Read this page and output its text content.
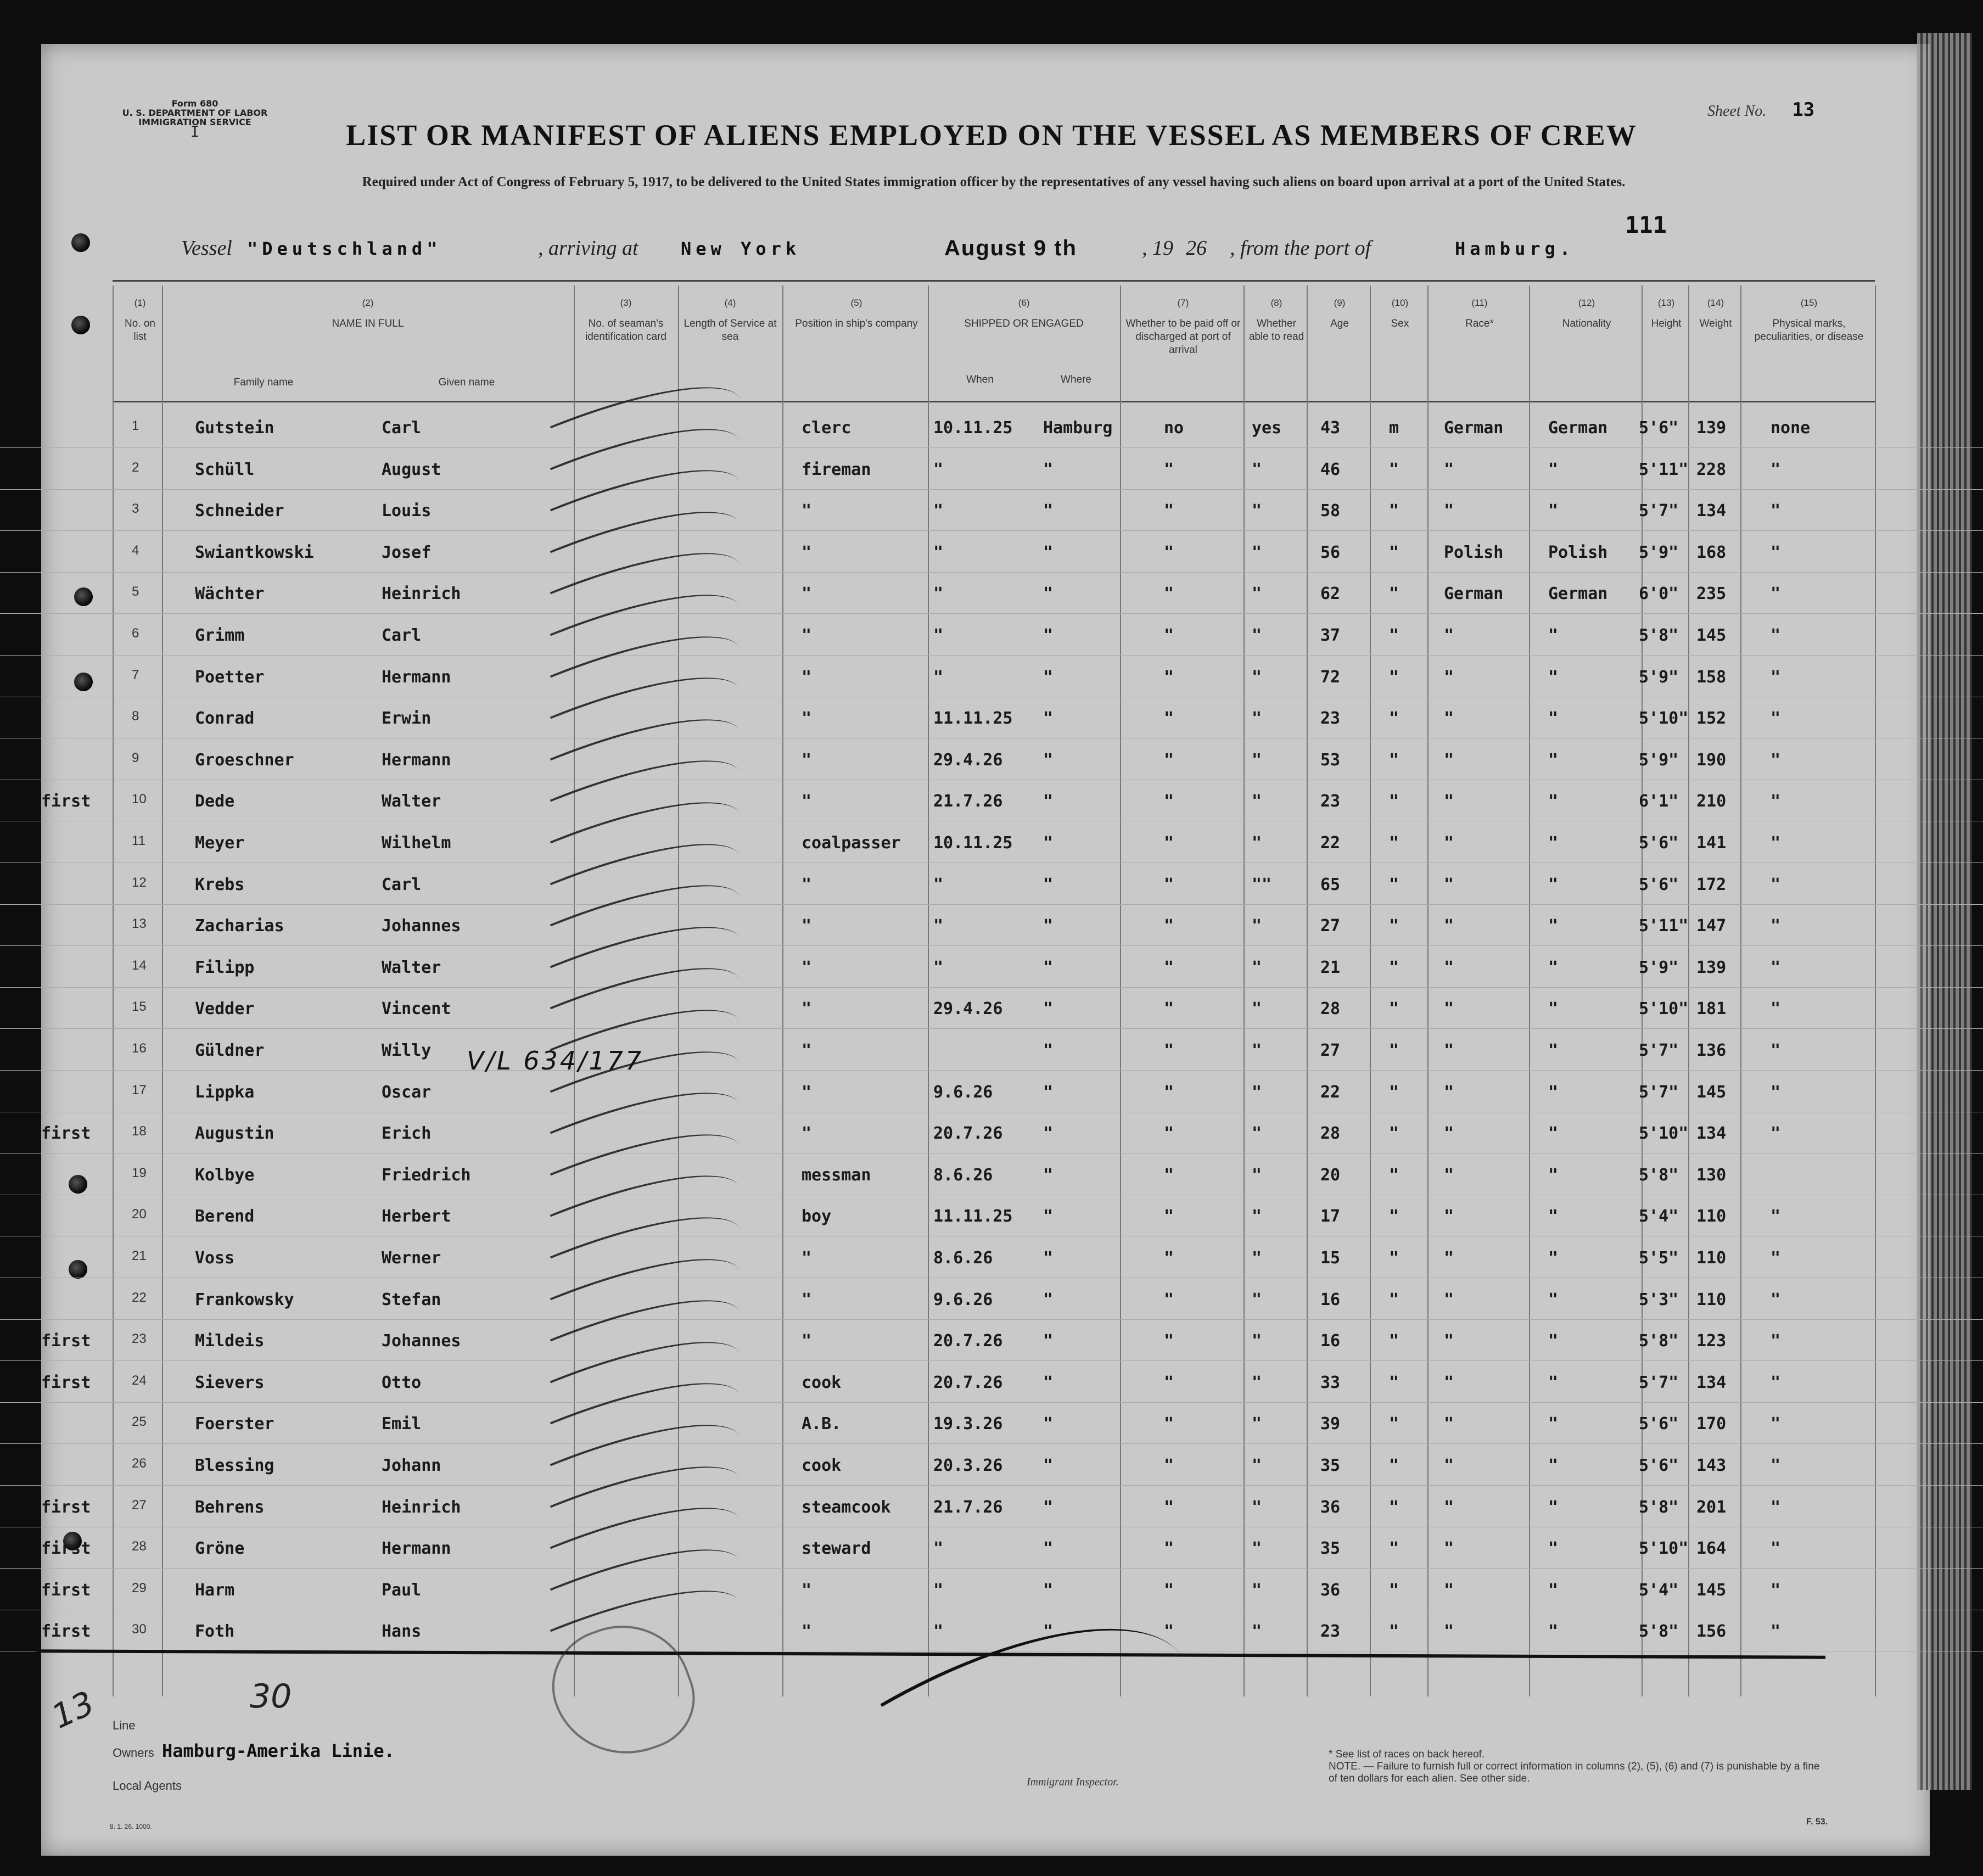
Form 680
U. S. DEPARTMENT OF LABOR
IMMIGRATION SERVICE
I
Sheet No. 13
LIST OR MANIFEST OF ALIENS EMPLOYED ON THE VESSEL AS MEMBERS OF CREW
Required under Act of Congress of February 5, 1917, to be delivered to the United States immigration officer by the representatives of any vessel having such aliens on board upon arrival at a port of the United States.
111
Vessel "Deutschland"	, arriving at New York	August 9 th	, 19 26 , from the port of	Hamburg.
(1)
No. on list
(2)
NAME IN FULL
Family name	Given name
(3)
No. of seaman's identification card
(4)
Length of Service at sea
(5)
Position in ship's company
(6)
SHIPPED OR ENGAGED
When	Where
(7)
Whether to be paid off or discharged at port of arrival
(8)
Whether able to read
(9)
Age
(10)
Sex
(11)
Race*
(12)
Nationality
(13)
Height
(14)
Weight
(15)
Physical marks, peculiarities, or disease
1	Gutstein	Carl	clerc	10.11.25 Hamburg	no	yes 43	m	German	German 5'6" 139	none
2	Schüll	August	fireman	"	"	"	"	46	"	"	"	5'11" 228	"
3	Schneider	Louis	"	"	"	"	"	58	"	"	"	5'7" 134	"
4	Swiantkowski	Josef	"	"	"	"	"	56	"	Polish	Polish 5'9" 168	"
5	Wächter	Heinrich	"	"	"	"	"	62	"	German	German 6'0" 235	"
6	Grimm	Carl	"	"	"	"	"	37	"	"	"	5'8" 145	"
7	Poetter	Hermann	"	"	"	"	"	72	"	"	"	5'9" 158	"
8	Conrad	Erwin	"	11.11.25 "	"	"	23	"	"	"	5'10" 152	"
9	Groeschner	Hermann	"	29.4.26 "	"	"	53	"	"	"	5'9" 190	"
first	10	Dede	Walter	"	21.7.26 "	"	"	23	"	"	"	6'1" 210	"
11	Meyer	Wilhelm	coalpasser 10.11.25 "	"	"	22	"	"	"	5'6" 141	"
12	Krebs	Carl	"	"	"	"	""	65	"	"	"	5'6" 172	"
13	Zacharias	Johannes	"	"	"	"	"	27	"	"	"	5'11" 147	"
14	Filipp	Walter	"	"	"	"	"	21	"	"	"	5'9" 139	"
15	Vedder	Vincent	"	29.4.26 "	"	"	28	"	"	"	5'10" 181	"
16	Güldner	Willy	"	"	"	"	27	"	"	"	5'7" 136	"
17	Lippka	Oscar	"	9.6.26	"	"	"	22	"	"	"	5'7" 145	"
first	18	Augustin	Erich	"	20.7.26 "	"	"	28	"	"	"	5'10" 134	"
19	Kolbye	Friedrich	messman	8.6.26	"	"	"	20	"	"	"	5'8" 130
20	Berend	Herbert	boy	11.11.25 "	"	"	17	"	"	"	5'4" 110	"
21	Voss	Werner	"	8.6.26	"	"	"	15	"	"	"	5'5" 110	"
22	Frankowsky	Stefan	"	9.6.26	"	"	"	16	"	"	"	5'3" 110	"
first	23	Mildeis	Johannes	"	20.7.26 "	"	"	16	"	"	"	5'8" 123	"
first	24	Sievers	Otto	cook	20.7.26 "	"	"	33	"	"	"	5'7" 134	"
25	Foerster	Emil	A.B.	19.3.26 "	"	"	39	"	"	"	5'6" 170	"
26	Blessing	Johann	cook	20.3.26 "	"	"	35	"	"	"	5'6" 143	"
first	27	Behrens	Heinrich	steamcook	21.7.26 "	"	"	36	"	"	"	5'8" 201	"
first	28	Gröne	Hermann	steward	"	"	"	"	35	"	"	"	5'10" 164	"
first	29	Harm	Paul	"	"	"	"	"	36	"	"	"	5'4" 145	"
first	30	Foth	Hans	"	"	"	"	"	23	"	"	"	5'8" 156	"
V/L 634/177
13	30
Line
Owners Hamburg-Amerika Linie.
Local Agents	Immigrant Inspector.
* See list of races on back hereof.
NOTE. — Failure to furnish full or correct information in columns (2), (5), (6) and (7) is punishable by a fine of ten dollars for each alien. See other side.
F. 53.
8. 1. 26. 1000.
